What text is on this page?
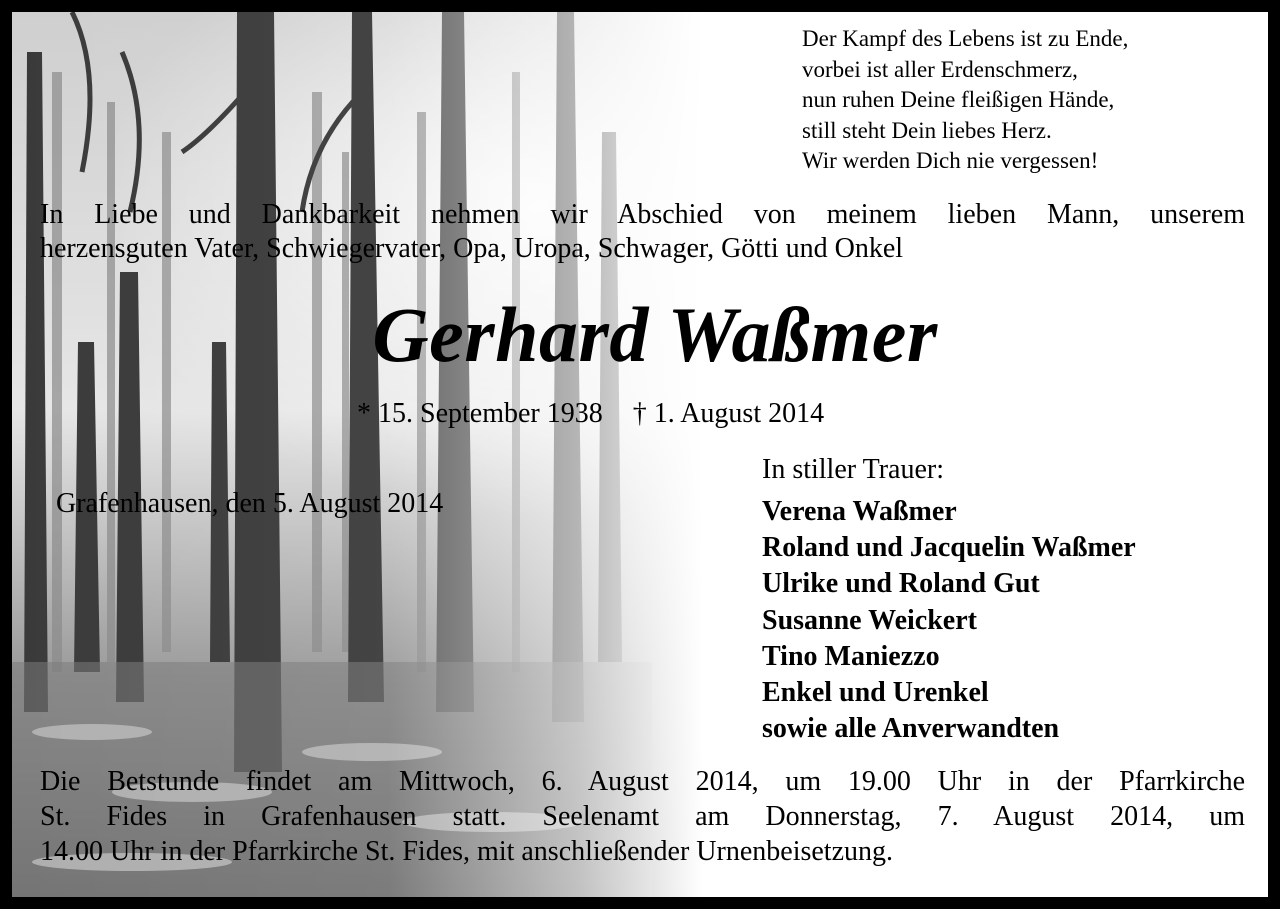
Der Kampf des Lebens ist zu Ende,
vorbei ist aller Erdenschmerz,
nun ruhen Deine fleißigen Hände,
still steht Dein liebes Herz.
Wir werden Dich nie vergessen!
In Liebe und Dankbarkeit nehmen wir Abschied von meinem lieben Mann, unserem
herzensguten Vater, Schwiegervater, Opa, Uropa, Schwager, Götti und Onkel
Gerhard Waßmer
* 15. September 1938 † 1. August 2014
Grafenhausen, den 5. August 2014
In stiller Trauer:
Verena Waßmer
Roland und Jacquelin Waßmer
Ulrike und Roland Gut
Susanne Weickert
Tino Maniezzo
Enkel und Urenkel
sowie alle Anverwandten
Die Betstunde findet am Mittwoch, 6. August 2014, um 19.00 Uhr in der Pfarrkirche
St. Fides in Grafenhausen statt. Seelenamt am Donnerstag, 7. August 2014, um
14.00 Uhr in der Pfarrkirche St. Fides, mit anschließender Urnenbeisetzung.
